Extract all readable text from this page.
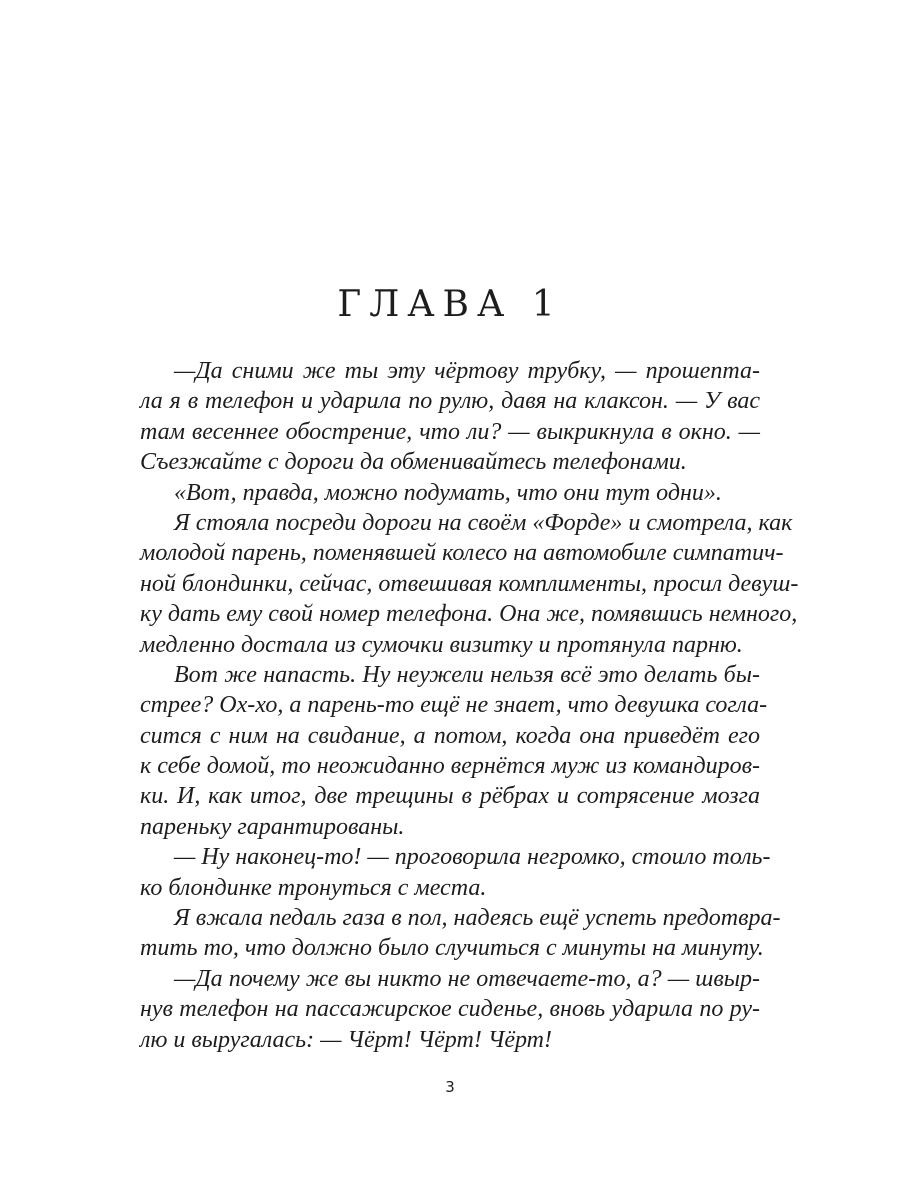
ГЛАВА 1
—Да сними же ты эту чёртову трубку, — прошепта-
ла я в телефон и ударила по рулю, давя на клаксон. — У вас
там весеннее обострение, что ли? — выкрикнула в окно. —
Съезжайте с дороги да обменивайтесь телефонами.
«Вот, правда, можно подумать, что они тут одни».
Я стояла посреди дороги на своём «Форде» и смотрела, как
молодой парень, поменявшей колесо на автомобиле симпатич-
ной блондинки, сейчас, отвешивая комплименты, просил девуш-
ку дать ему свой номер телефона. Она же, помявшись немного,
медленно достала из сумочки визитку и протянула парню.
Вот же напасть. Ну неужели нельзя всё это делать бы-
стрее? Ох-хо, а парень-то ещё не знает, что девушка согла-
сится с ним на свидание, а потом, когда она приведёт его
к себе домой, то неожиданно вернётся муж из командиров-
ки. И, как итог, две трещины в рёбрах и сотрясение мозга
пареньку гарантированы.
— Ну наконец-то! — проговорила негромко, стоило толь-
ко блондинке тронуться с места.
Я вжала педаль газа в пол, надеясь ещё успеть предотвра-
тить то, что должно было случиться с минуты на минуту.
—Да почему же вы никто не отвечаете-то, а? — швыр-
нув телефон на пассажирское сиденье, вновь ударила по ру-
лю и выругалась: — Чёрт! Чёрт! Чёрт!
3
